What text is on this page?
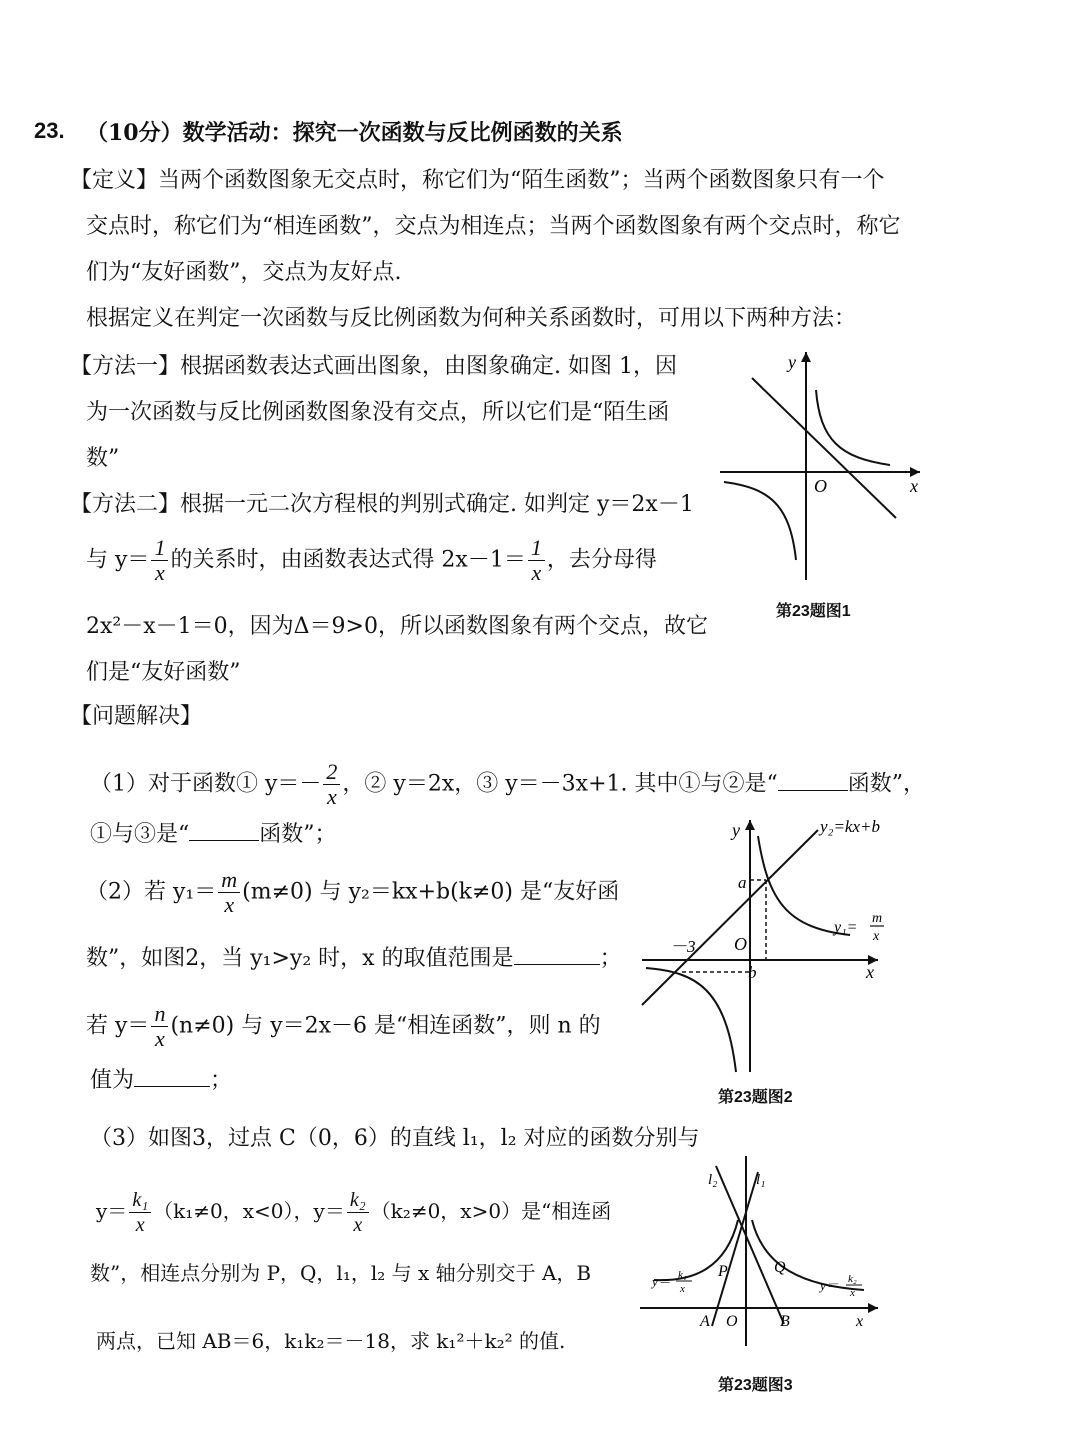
23. （10分）数学活动：探究一次函数与反比例函数的关系
【定义】当两个函数图象无交点时，称它们为“陌生函数”；当两个函数图象只有一个
交点时，称它们为“相连函数”，交点为相连点；当两个函数图象有两个交点时，称它
们为“友好函数”，交点为友好点.
根据定义在判定一次函数与反比例函数为何种关系函数时，可用以下两种方法：
【方法一】根据函数表达式画出图象，由图象确定. 如图 1，因
为一次函数与反比例函数图象没有交点，所以它们是“陌生函
数”
【方法二】根据一元二次方程根的判别式确定. 如判定 y＝2x－1
与 $y= \frac{1}{x}$ 的关系时，由函数表达式得 $2x-1= \frac{1}{x}$ ，去分母得
2x²－x－1＝0，因为Δ＝9>0，所以函数图象有两个交点，故它
们是“友好函数”
【问题解决】
（1）对于函数① $y=- \frac{2}{x}$ ，② y＝2x，③ y＝－3x+1. 其中①与②是“	函数”，
①与③是“	函数”；
（2）若 $y_1= \frac{m}{x} (m\ne 0)$ 与 y₂＝kx+b(k≠0) 是“友好函
数”，如图2，当 y₁>y₂ 时，x 的取值范围是	；
若 $y= \frac{n}{x} (n\ne 0)$ 与 y＝2x－6 是“相连函数”，则 n 的
值为	；
（3）如图3，过点 C（0，6）的直线 l₁，l₂ 对应的函数分别与
$y= \frac{\text{k₁}}{x} (k_1\ne 0$，x<0），$y= \frac{\text{k₂}}{x} (k_2\ne 0$，x>0）是“相连函
数”，相连点分别为 P，Q，l₁，l₂ 与 x 轴分别交于 A，B
两点，已知 AB＝6，k₁k₂＝－18，求 k₁²＋k₂² 的值.
y
x
O
第23题图1
y
x
O
y₂=kx+b
y₁=
m
x
a
b
－3
第23题图2
l₂	l₁
P	Q
A O	B	x
y＝ k₁
x	y＝ k₂
x
第23题图3
